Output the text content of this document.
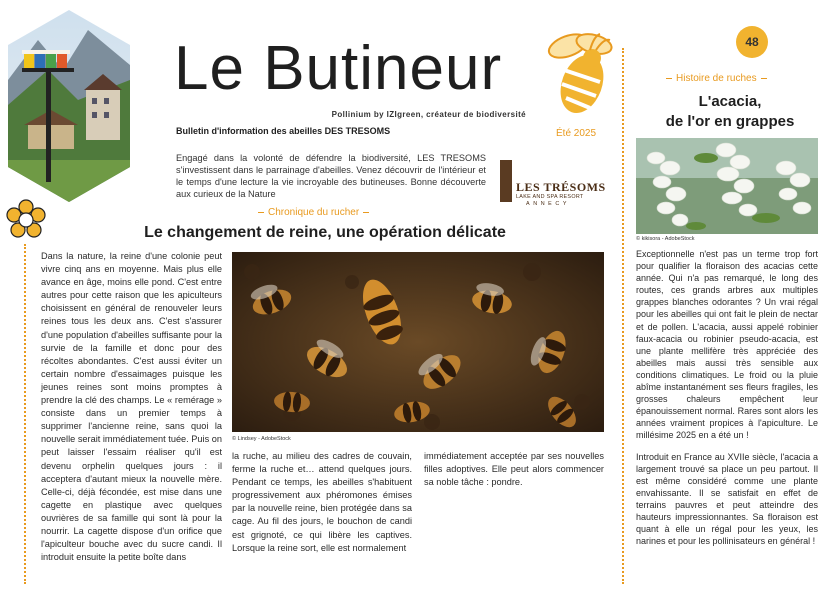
Le Butineur
Pollinium by IZIgreen, créateur de biodiversité
Bulletin d'information des abeilles DES TRESOMS	Été 2025
Engagé dans la volonté de défendre la biodiversité, LES TRESOMS s'investissent dans le parrainage d'abeilles. Venez découvrir de l'intérieur et le temps d'une lecture la vie incroyable des butineuses. Bonne découverte aux curieux de la Nature	LES TRÉSOMS
LAKE AND SPA RESORT
ANNECY
Chronique du rucher
Le changement de reine, une opération délicate

Dans la nature, la reine d'une colonie peut vivre cinq ans en moyenne. Mais plus elle avance en âge, moins elle pond. C'est entre autres pour cette raison que les apiculteurs choisissent en général de renouveler leurs reines tous les deux ans. C'est s'assurer d'une population d'abeilles suffisante pour la survie de la famille et donc pour des récoltes abondantes. C'est aussi éviter un certain nombre d'essaimages puisque les jeunes reines sont moins promptes à prendre la clé des champs. Le « remérage » consiste dans un premier temps à supprimer l'ancienne reine, sans quoi la nouvelle serait immédiatement tuée. Puis on peut laisser l'essaim réaliser qu'il est devenu orphelin quelques jours : il acceptera d'autant mieux la nouvelle mère. Celle-ci, déjà fécondée, est mise dans une cagette en plastique avec quelques ouvrières de sa famille qui sont là pour la nourrir. La cagette dispose d'un orifice que l'apiculteur bouche avec du sucre candi. Il introduit ensuite la petite boîte dans

© Lindsey - AdobeStock

la ruche, au milieu des cadres de couvain, ferme la ruche et… attend quelques jours. Pendant ce temps, les abeilles s'habituent progressivement aux phéromones émises par la nouvelle reine, bien protégée dans sa cage. Au fil des jours, le bouchon de candi est grignoté, ce qui libère les captives. Lorsque la reine sort, elle est normalement

immédiatement acceptée par ses nouvelles filles adoptives. Elle peut alors commencer sa noble tâche : pondre.

48
Histoire de ruches
L'acacia,
de l'or en grappes
© kikisora - AdobeStock

Exceptionnelle n'est pas un terme trop fort pour qualifier la floraison des acacias cette année. Qui n'a pas remarqué, le long des routes, ces grands arbres aux multiples grappes blanches odorantes ? Un vrai régal pour les abeilles qui ont fait le plein de nectar et de pollen. L'acacia, aussi appelé robinier faux-acacia ou robinier pseudo-acacia, est une plante mellifère très appréciée des abeilles mais aussi très sensible aux conditions climatiques. Le froid ou la pluie abîme instantanément ses fleurs fragiles, les grosses chaleurs empêchent leur épanouissement normal. Rares sont alors les années vraiment propices à l'apiculture. Le millésime 2025 en a été un !

Introduit en France au XVIIe siècle, l'acacia a largement trouvé sa place un peu partout. Il est même considéré comme une plante envahissante. Il se satisfait en effet de terrains pauvres et peut atteindre des hauteurs impressionnantes. Sa floraison est quant à elle un régal pour les yeux, les narines et pour les pollinisateurs en général !
